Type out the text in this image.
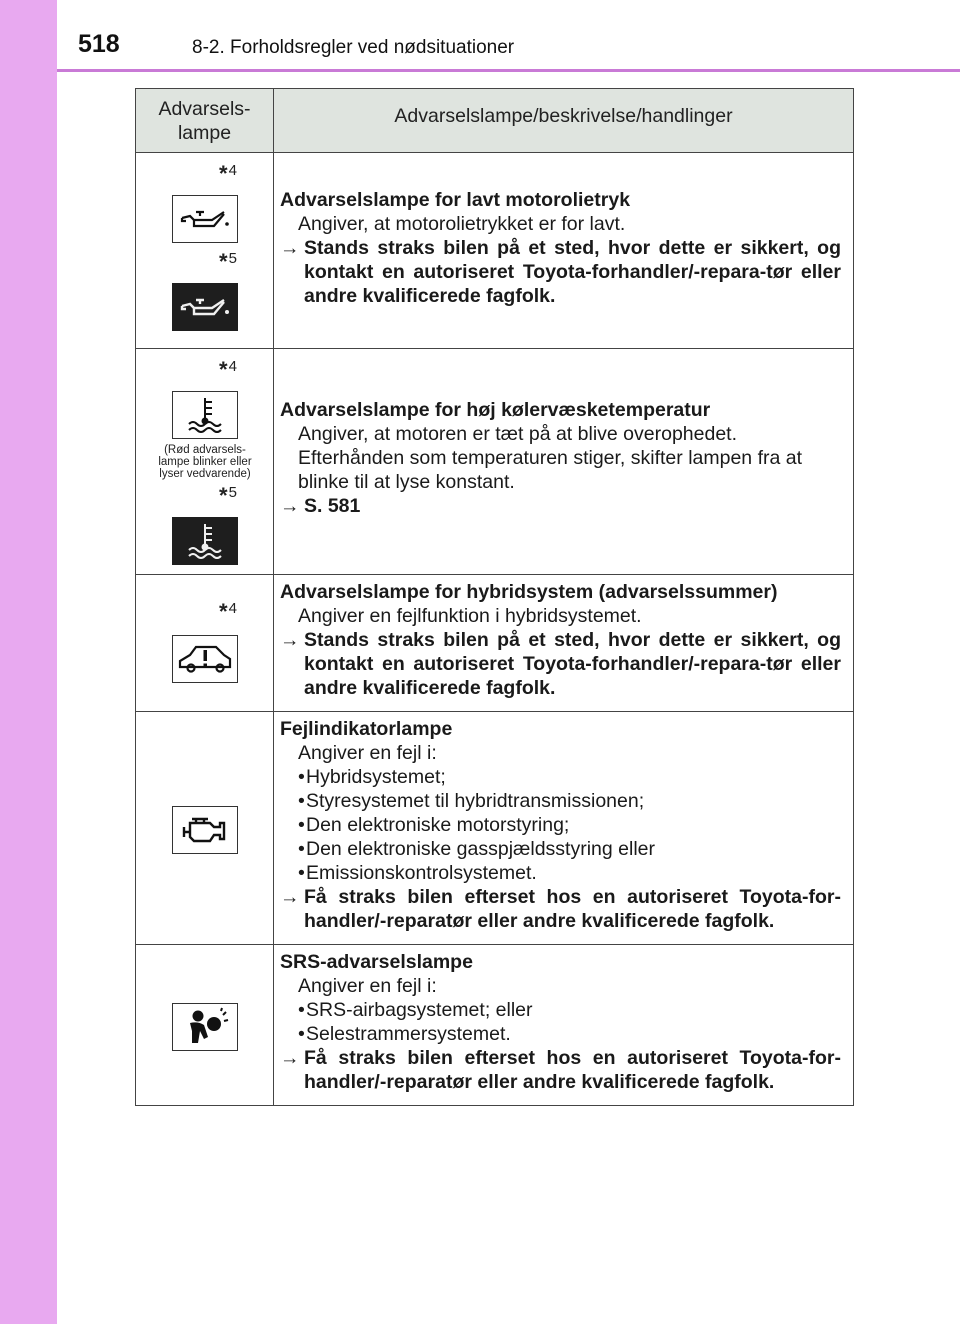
518	8-2. Forholdsregler ved nødsituationer
Advarsels-
lampe
Advarselslampe/beskrivelse/handlinger
*4
*5
Advarselslampe for lavt motorolietryk
Angiver, at motorolietrykket er for lavt.
→ Stands straks bilen på et sted, hvor dette er sikkert, og kontakt en autoriseret Toyota-forhandler/-repara-tør eller andre kvalificerede fagfolk.
*4
(Rød advarsels-
lampe blinker eller
lyser vedvarende)
*5
Advarselslampe for høj kølervæsketemperatur
Angiver, at motoren er tæt på at blive overophedet.
Efterhånden som temperaturen stiger, skifter lampen fra at blinke til at lyse konstant.
→ S. 581
*4
Advarselslampe for hybridsystem (advarselssummer)
Angiver en fejlfunktion i hybridsystemet.
→ Stands straks bilen på et sted, hvor dette er sikkert, og kontakt en autoriseret Toyota-forhandler/-repara-tør eller andre kvalificerede fagfolk.
Fejlindikatorlampe
Angiver en fejl i:
• Hybridsystemet;
• Styresystemet til hybridtransmissionen;
• Den elektroniske motorstyring;
• Den elektroniske gasspjældsstyring eller
• Emissionskontrolsystemet.
→ Få straks bilen efterset hos en autoriseret Toyota-for-handler/-reparatør eller andre kvalificerede fagfolk.
SRS-advarselslampe
Angiver en fejl i:
• SRS-airbagsystemet; eller
• Selestrammersystemet.
→ Få straks bilen efterset hos en autoriseret Toyota-for-handler/-reparatør eller andre kvalificerede fagfolk.
